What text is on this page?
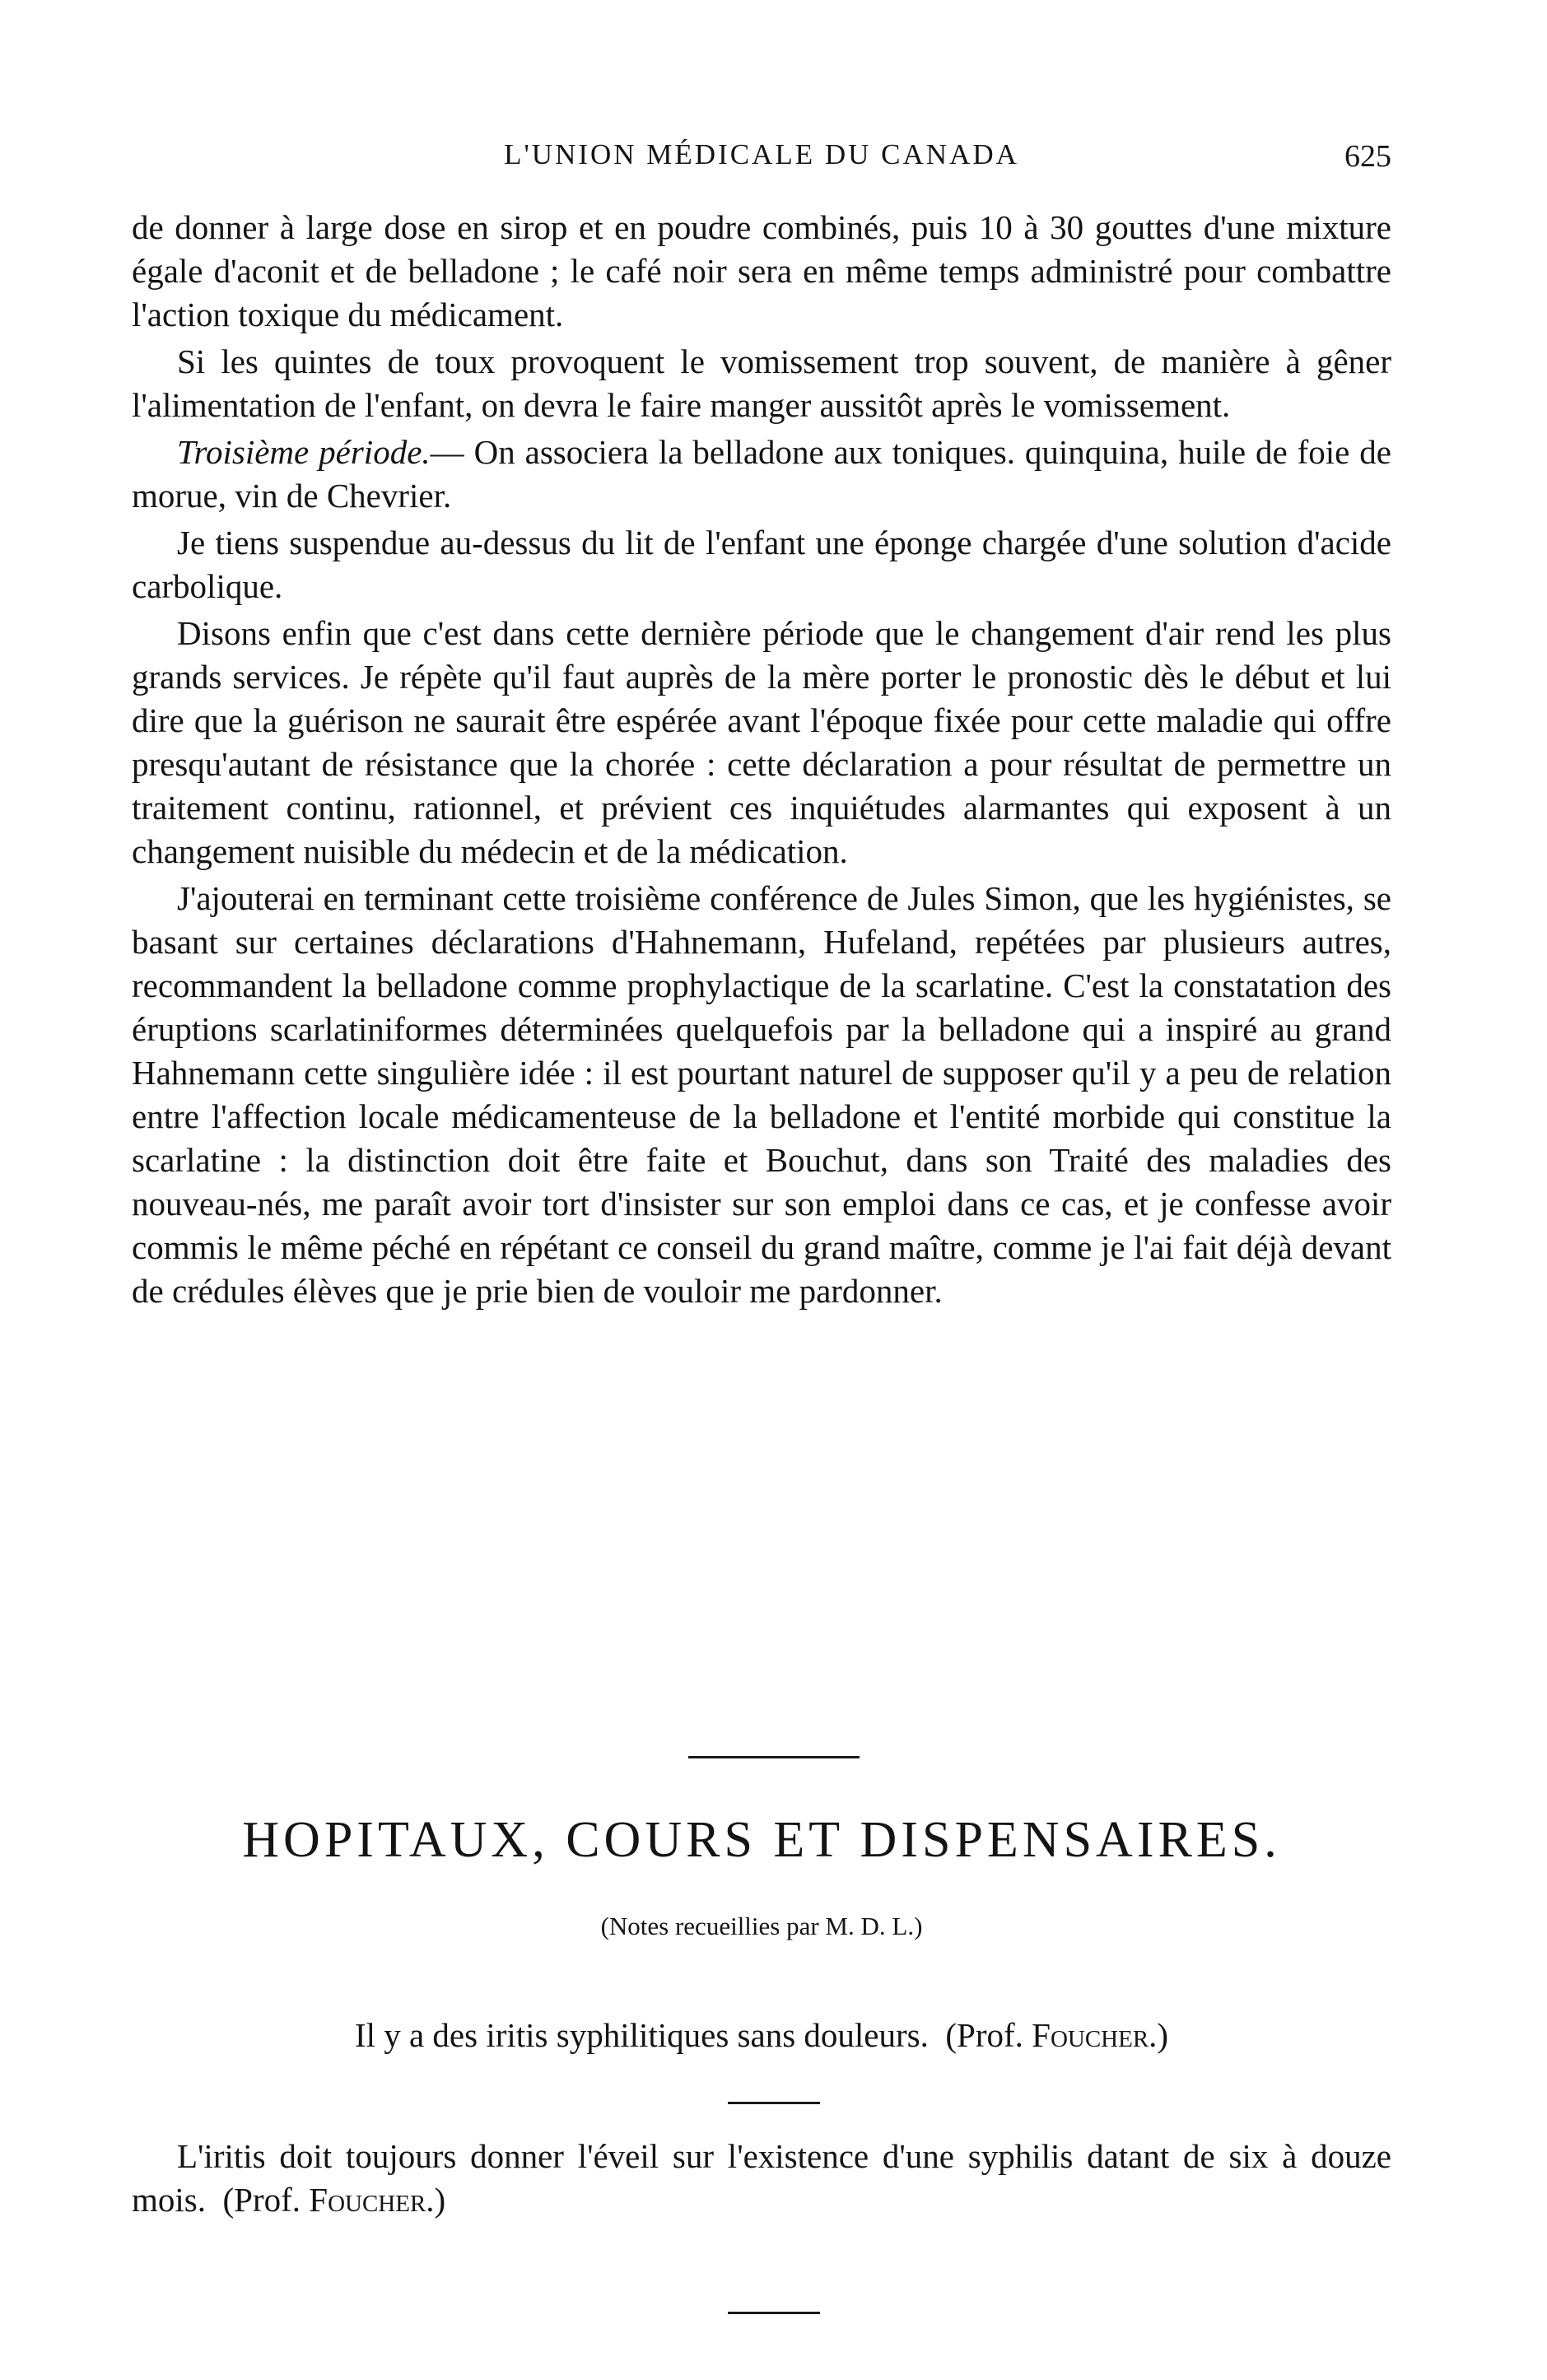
L'UNION MÉDICALE DU CANADA	625

de donner à large dose en sirop et en poudre combinés, puis 10 à 30 gouttes d'une mixture égale d'aconit et de belladone ; le café noir sera en même temps administré pour combattre l'action toxique du médicament.

Si les quintes de toux provoquent le vomissement trop souvent, de manière à gêner l'alimentation de l'enfant, on devra le faire manger aussitôt après le vomissement.

Troisième période.— On associera la belladone aux toniques. quinquina, huile de foie de morue, vin de Chevrier.

Je tiens suspendue au-dessus du lit de l'enfant une éponge chargée d'une solution d'acide carbolique.

Disons enfin que c'est dans cette dernière période que le changement d'air rend les plus grands services. Je répète qu'il faut auprès de la mère porter le pronostic dès le début et lui dire que la guérison ne saurait être espérée avant l'époque fixée pour cette maladie qui offre presqu'autant de résistance que la chorée : cette déclaration a pour résultat de permettre un traitement continu, rationnel, et prévient ces inquiétudes alarmantes qui exposent à un changement nuisible du médecin et de la médication.

J'ajouterai en terminant cette troisième conférence de Jules Simon, que les hygiénistes, se basant sur certaines déclarations d'Hahnemann, Hufeland, repétées par plusieurs autres, recommandent la belladone comme prophylactique de la scarlatine. C'est la constatation des éruptions scarlatiniformes déterminées quelquefois par la belladone qui a inspiré au grand Hahnemann cette singulière idée : il est pourtant naturel de supposer qu'il y a peu de relation entre l'affection locale médicamenteuse de la belladone et l'entité morbide qui constitue la scarlatine : la distinction doit être faite et Bouchut, dans son Traité des maladies des nouveau-nés, me paraît avoir tort d'insister sur son emploi dans ce cas, et je confesse avoir commis le même péché en répétant ce conseil du grand maître, comme je l'ai fait déjà devant de crédules élèves que je prie bien de vouloir me pardonner.

HOPITAUX, COURS ET DISPENSAIRES.
(Notes recueillies par M. D. L.)
Il y a des iritis syphilitiques sans douleurs. (Prof. Foucher.)
L'iritis doit toujours donner l'éveil sur l'existence d'une syphilis datant de six à douze mois. (Prof. Foucher.)
